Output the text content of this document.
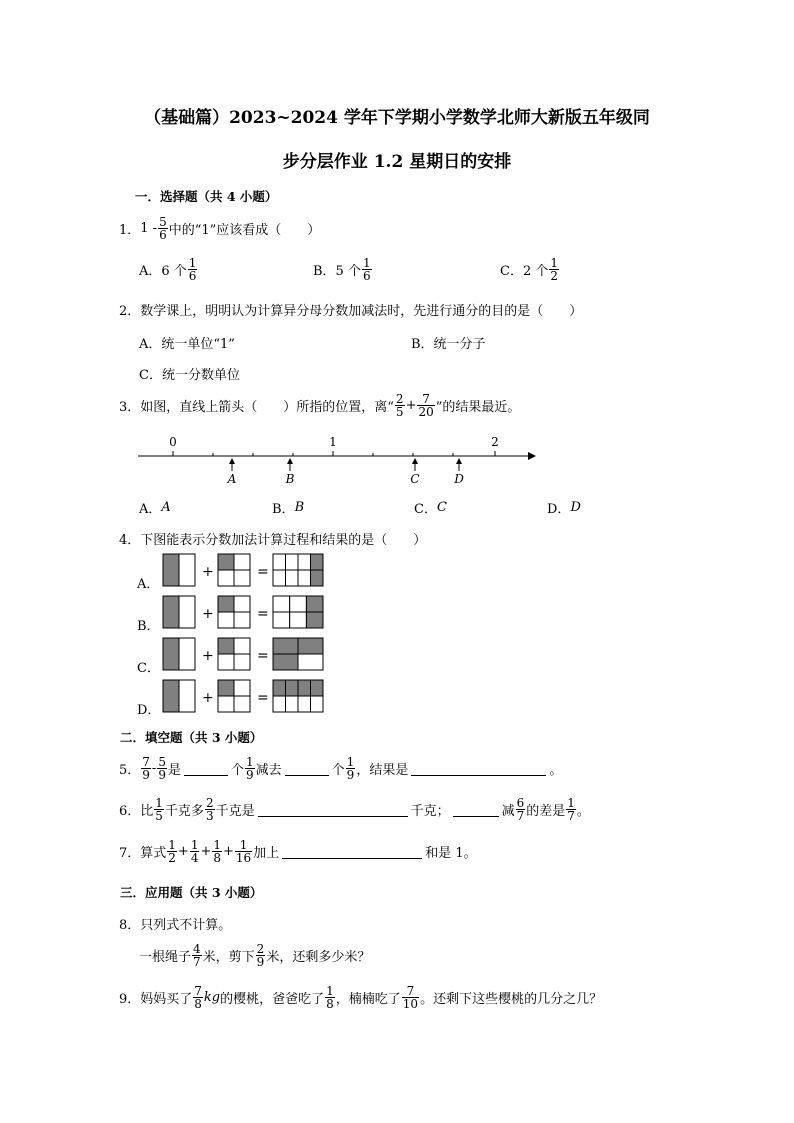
（基础篇）2023~2024 学年下学期小学数学北师大新版五年级同
步分层作业 1.2 星期日的安排
一．选择题（共 4 小题）
1． $1 - \frac{5}{6}$ 中的“1”应该看成（　　）
A．6 个 $\frac{1}{6}$	B．5 个 $\frac{1}{6}$	C．2 个 $\frac{1}{2}$
2．数学课上，明明认为计算异分母分数加减法时，先进行通分的目的是（　　）
A．统一单位“1”	B．统一分子
C．统一分数单位
3．如图，直线上箭头（　　）所指的位置，离“ $\frac{2}{5} + \frac{7}{20}$ ”的结果最近。
0	1	2
A	B	C	D
A． A	B． B	C． C	D． D
4．下图能表示分数加法计算过程和结果的是（　　）
A．
+	=
B．
+	=
C．
+	=
D．
+	=
二．填空题（共 3 小题）
5． $\frac{7}{9} - \frac{5}{9}$ 是	个 $\frac{1}{9}$ 减去	个 $\frac{1}{9}$ ，结果是	。
6．比 $\frac{1}{5}$ 千克多 $\frac{2}{3}$ 千克是	千克；	减 $\frac{6}{7}$ 的差是 $\frac{1}{7}$ 。
7．算式 $\frac{1}{2} + \frac{1}{4} + \frac{1}{8} + \frac{1}{16}$ 加上	和是 1。
三．应用题（共 3 小题）
8．只列式不计算。
一根绳子 $\frac{4}{7}$ 米，剪下 $\frac{2}{9}$ 米，还剩多少米？
9．妈妈买了 $\frac{7}{8}$ kg 的樱桃，爸爸吃了 $\frac{1}{8}$ ，楠楠吃了 $\frac{7}{10}$ 。还剩下这些樱桃的几分之几？
